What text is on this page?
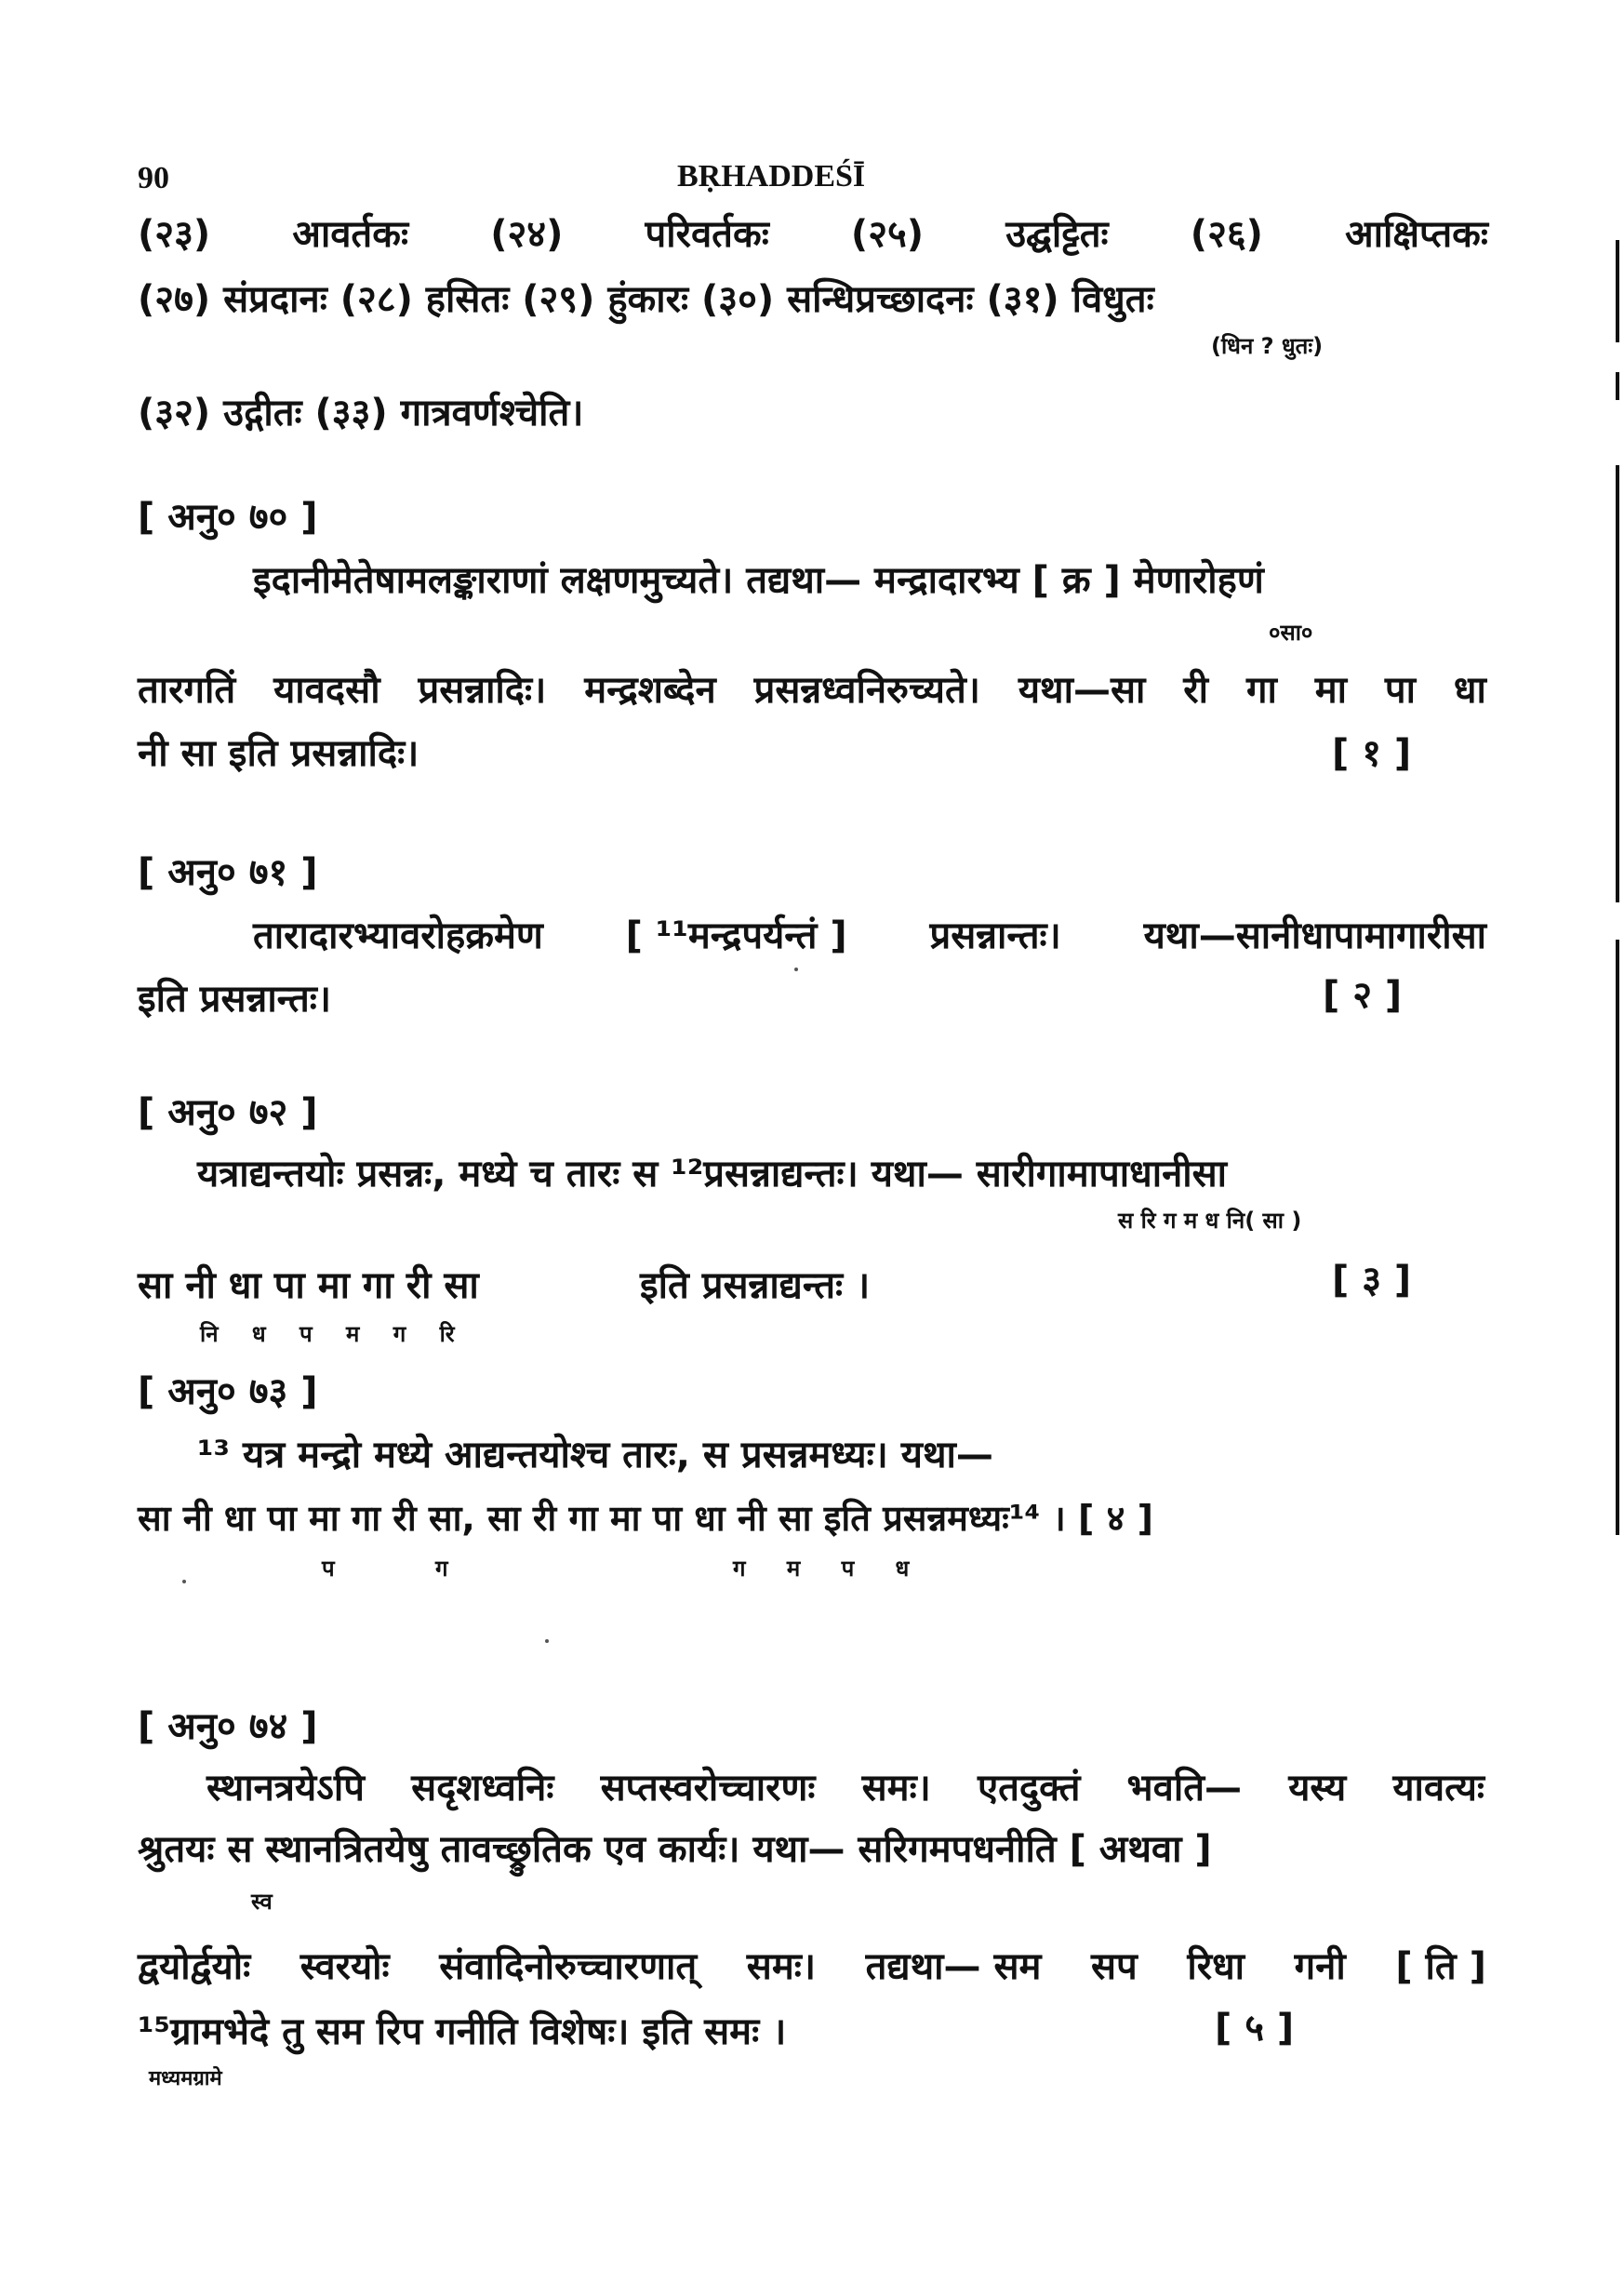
90	BṚHADDEŚĪ
(२३) आवर्तकः (२४) परिवर्तकः (२५) उद्घट्टितः (२६) आक्षिप्तकः
(२७) संप्रदानः (२८) हसितः (२९) हुंकारः (३०) सन्धिप्रच्छादनः (३१) विधुतः
(धिन ? धुतः)
(३२) उद्गीतः (३३) गात्रवर्णश्चेति।
[ अनु० ७० ]
इदानीमेतेषामलङ्काराणां लक्षणमुच्यते। तद्यथा— मन्द्रादारभ्य [ क्र ] मेणारोहणं
०सा०
तारगतिं यावदसौ प्रसन्नादिः। मन्द्रशब्देन प्रसन्नध्वनिरुच्यते। यथा—सा री गा मा पा धा
नी सा इति प्रसन्नादिः।	[ १ ]
[ अनु० ७१ ]
तारादारभ्यावरोहक्रमेण [ ¹¹मन्द्रपर्यन्तं ] प्रसन्नान्तः। यथा—सानीधापामागारीसा
इति प्रसन्नान्तः।	[ २ ]
[ अनु० ७२ ]
यत्राद्यन्तयोः प्रसन्नः, मध्ये च तारः स ¹²प्रसन्नाद्यन्तः। यथा— सारीगामापाधानीसा
स रि ग म ध नि( सा )
सा नी धा पा मा गा री सा	इति प्रसन्नाद्यन्तः ।	[ ३ ]
नि ध प म ग रि
[ अनु० ७३ ]
¹³ यत्र मन्द्रो मध्ये आद्यन्तयोश्च तारः, स प्रसन्नमध्यः। यथा—
सा नी धा पा मा गा री सा, सा री गा मा पा धा नी सा इति प्रसन्नमध्यः¹⁴ । [ ४ ]
प ग	ग म प ध
[ अनु० ७४ ]
स्थानत्रयेऽपि सदृशध्वनिः सप्तस्वरोच्चारणः समः। एतदुक्तं भवति— यस्य यावत्यः
श्रुतयः स स्थानत्रितयेषु तावच्छ्रुतिक एव कार्यः। यथा— सरिगमपधनीति [ अथवा ]
स्व
द्वयोर्द्वयोः स्वरयोः संवादिनोरुच्चारणात् समः। तद्यथा— सम सप रिधा गनी [ ति ]
¹⁵ग्रामभेदे तु सम रिप गनीति विशेषः। इति समः ।	[ ५ ]
मध्यमग्रामे
